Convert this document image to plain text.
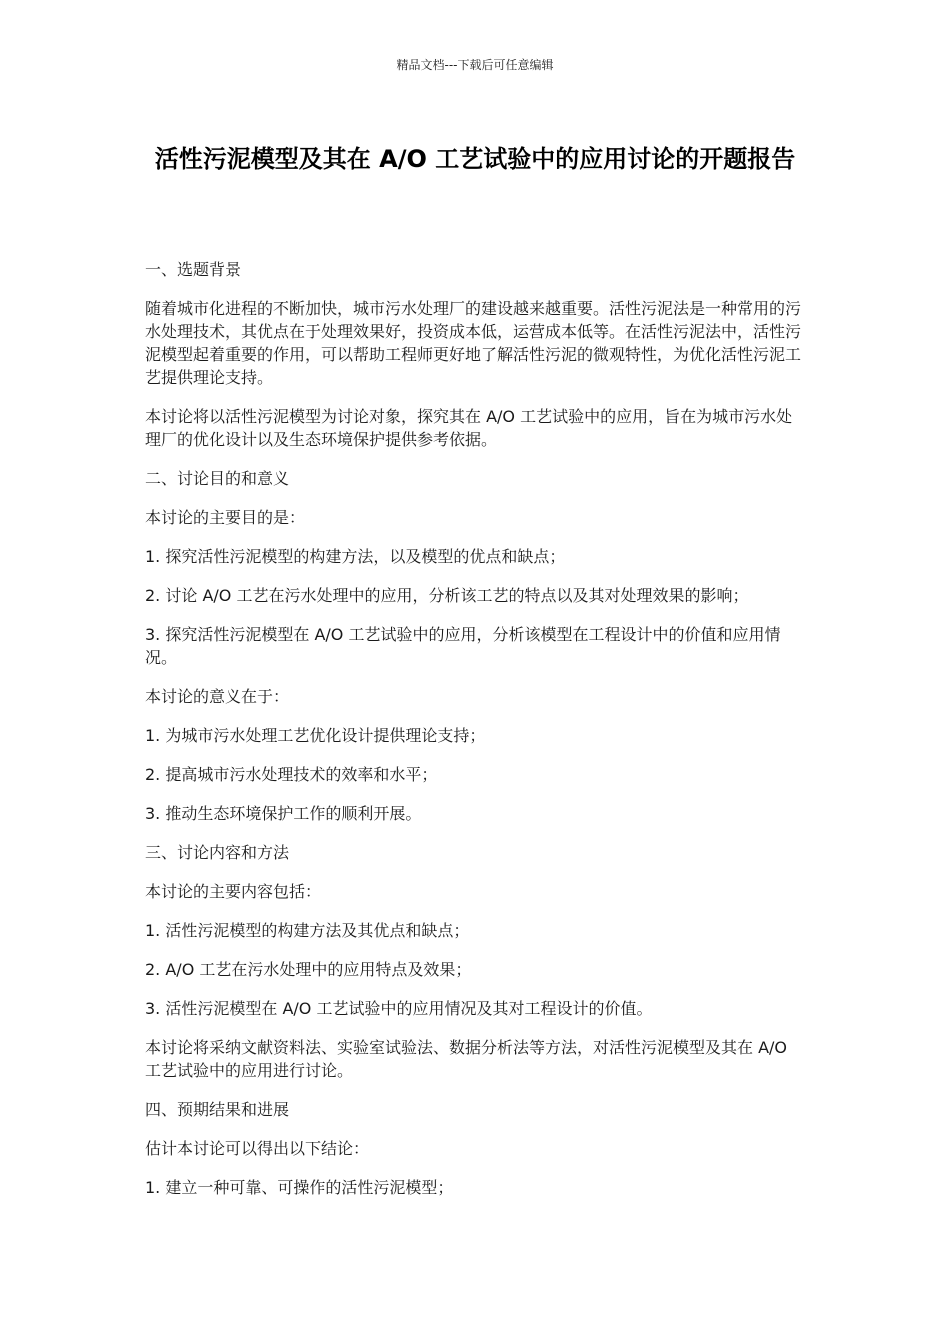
精品文档---下载后可任意编辑
活性污泥模型及其在 A/O 工艺试验中的应用讨论的开题报告

一、选题背景

随着城市化进程的不断加快，城市污水处理厂的建设越来越重要。活性污泥法是一种常用的污水处理技术，其优点在于处理效果好，投资成本低，运营成本低等。在活性污泥法中，活性污泥模型起着重要的作用，可以帮助工程师更好地了解活性污泥的微观特性，为优化活性污泥工艺提供理论支持。

本讨论将以活性污泥模型为讨论对象，探究其在 A/O 工艺试验中的应用，旨在为城市污水处理厂的优化设计以及生态环境保护提供参考依据。

二、讨论目的和意义

本讨论的主要目的是：

1. 探究活性污泥模型的构建方法，以及模型的优点和缺点；

2. 讨论 A/O 工艺在污水处理中的应用，分析该工艺的特点以及其对处理效果的影响；

3. 探究活性污泥模型在 A/O 工艺试验中的应用，分析该模型在工程设计中的价值和应用情况。

本讨论的意义在于：

1. 为城市污水处理工艺优化设计提供理论支持；

2. 提高城市污水处理技术的效率和水平；

3. 推动生态环境保护工作的顺利开展。

三、讨论内容和方法

本讨论的主要内容包括：

1. 活性污泥模型的构建方法及其优点和缺点；

2. A/O 工艺在污水处理中的应用特点及效果；

3. 活性污泥模型在 A/O 工艺试验中的应用情况及其对工程设计的价值。

本讨论将采纳文献资料法、实验室试验法、数据分析法等方法，对活性污泥模型及其在 A/O 工艺试验中的应用进行讨论。

四、预期结果和进展

估计本讨论可以得出以下结论：

1. 建立一种可靠、可操作的活性污泥模型；
